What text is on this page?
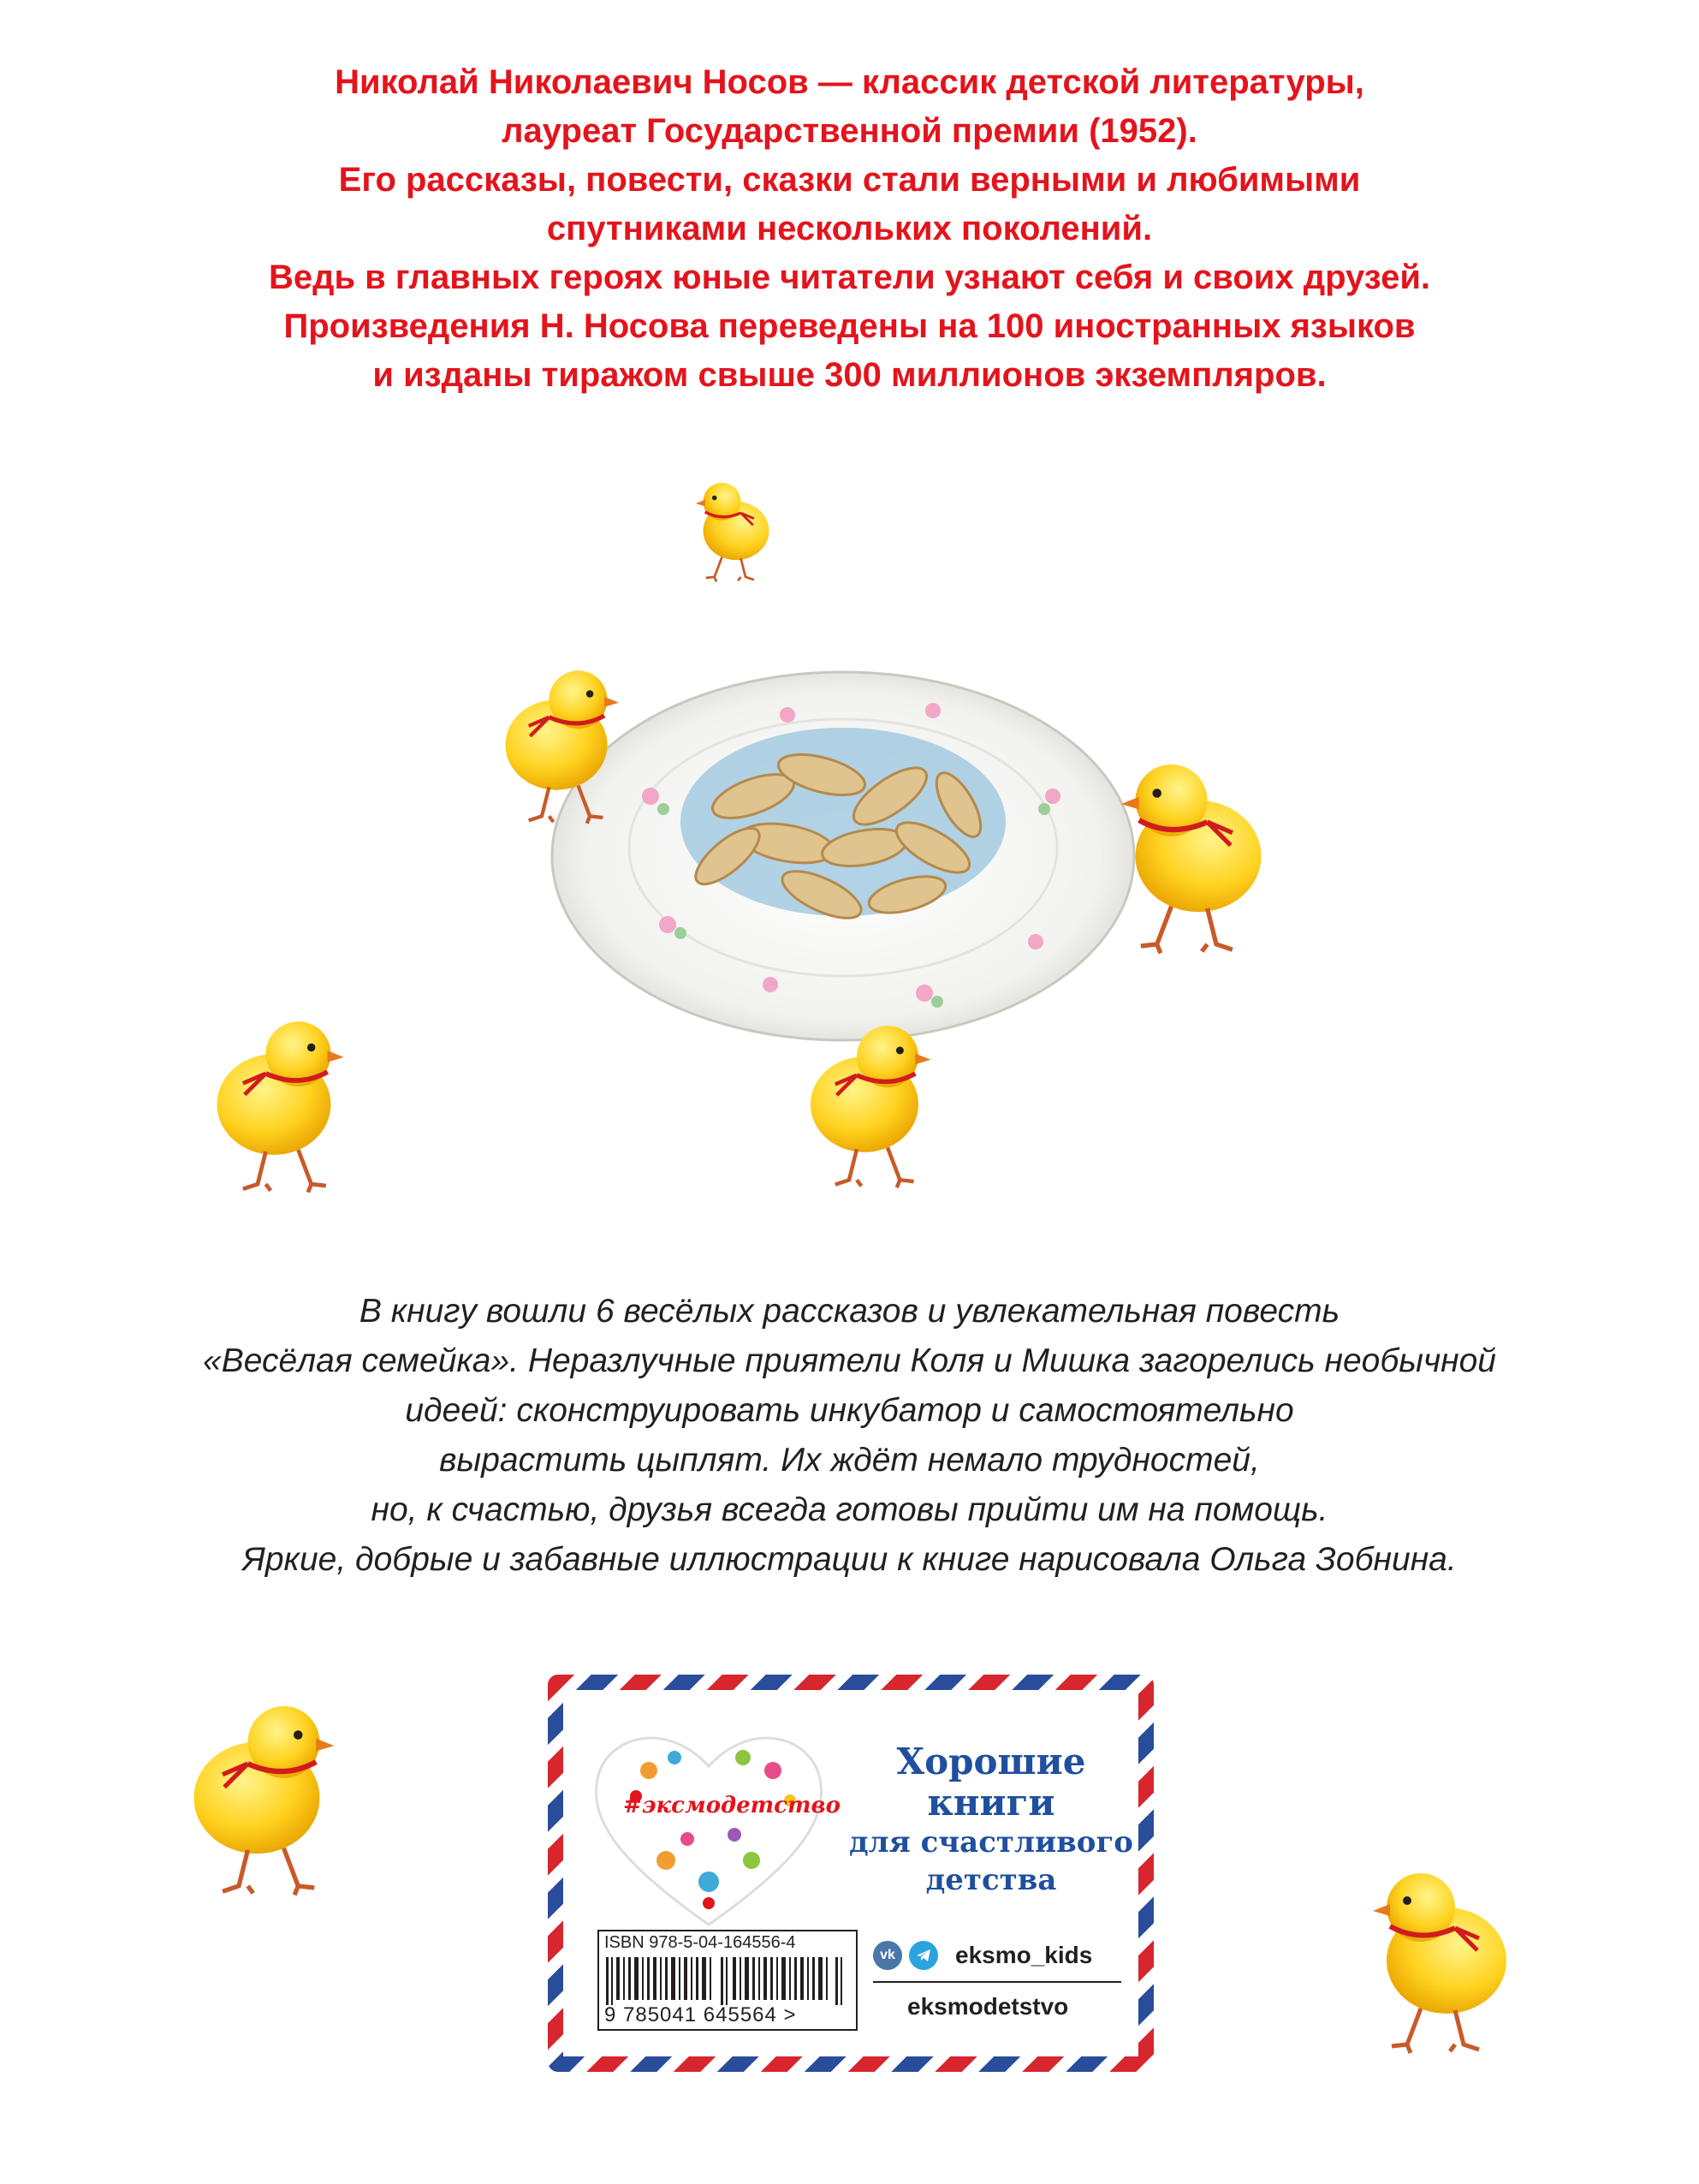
Николай Николаевич Носов — классик детской литературы,
лауреат Государственной премии (1952).
Его рассказы, повести, сказки стали верными и любимыми
спутниками нескольких поколений.
Ведь в главных героях юные читатели узнают себя и своих друзей.
Произведения Н. Носова переведены на 100 иностранных языков
и изданы тиражом свыше 300 миллионов экземпляров.
В книгу вошли 6 весёлых рассказов и увлекательная повесть
«Весёлая семейка». Неразлучные приятели Коля и Мишка загорелись необычной
идеей: сконструировать инкубатор и самостоятельно
вырастить цыплят. Их ждёт немало трудностей,
но, к счастью, друзья всегда готовы прийти им на помощь.
Яркие, добрые и забавные иллюстрации к книге нарисовала Ольга Зобнина.
#эксмодетство
Хорошие
книги
для счастливого
детства
ISBN 978-5-04-164556-4
9 785041 645564 >
vk	eksmo_kids
eksmodetstvo
